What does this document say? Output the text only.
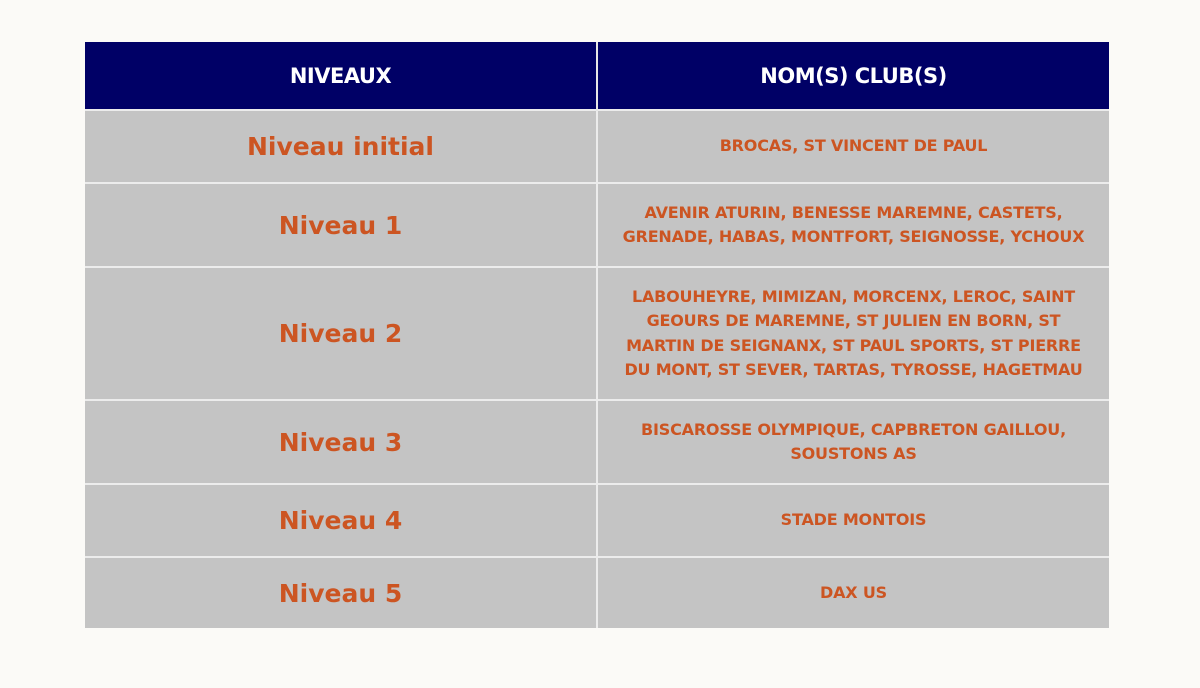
NIVEAUX	NOM(S) CLUB(S)
Niveau initial	BROCAS, ST VINCENT DE PAUL
Niveau 1	AVENIR ATURIN, BENESSE MAREMNE, CASTETS, GRENADE, HABAS, MONTFORT, SEIGNOSSE, YCHOUX
Niveau 2	LABOUHEYRE, MIMIZAN, MORCENX, LEROC, SAINT GEOURS DE MAREMNE, ST JULIEN EN BORN, ST MARTIN DE SEIGNANX, ST PAUL SPORTS, ST PIERRE DU MONT, ST SEVER, TARTAS, TYROSSE, HAGETMAU
Niveau 3	BISCAROSSE OLYMPIQUE, CAPBRETON GAILLOU, SOUSTONS AS
Niveau 4	STADE MONTOIS
Niveau 5	DAX US
